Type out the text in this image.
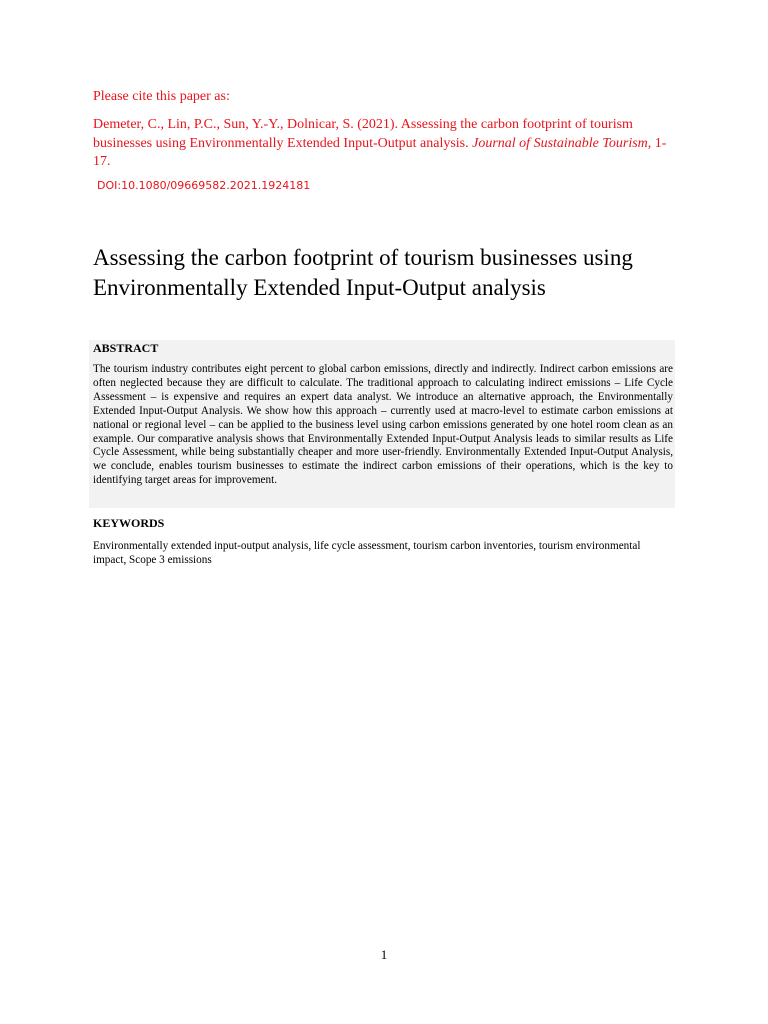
Please cite this paper as:
Demeter, C., Lin, P.C., Sun, Y.-Y., Dolnicar, S. (2021). Assessing the carbon footprint of tourism businesses using Environmentally Extended Input-Output analysis. Journal of Sustainable Tourism, 1-17.
DOI:10.1080/09669582.2021.1924181
Assessing the carbon footprint of tourism businesses using Environmentally Extended Input-Output analysis
ABSTRACT
The tourism industry contributes eight percent to global carbon emissions, directly and indirectly. Indirect carbon emissions are often neglected because they are difficult to calculate. The traditional approach to calculating indirect emissions – Life Cycle Assessment – is expensive and requires an expert data analyst. We introduce an alternative approach, the Environmentally Extended Input-Output Analysis. We show how this approach – currently used at macro-level to estimate carbon emissions at national or regional level – can be applied to the business level using carbon emissions generated by one hotel room clean as an example. Our comparative analysis shows that Environmentally Extended Input-Output Analysis leads to similar results as Life Cycle Assessment, while being substantially cheaper and more user-friendly. Environmentally Extended Input-Output Analysis, we conclude, enables tourism businesses to estimate the indirect carbon emissions of their operations, which is the key to identifying target areas for improvement.
KEYWORDS
Environmentally extended input-output analysis, life cycle assessment, tourism carbon inventories, tourism environmental impact, Scope 3 emissions
1
